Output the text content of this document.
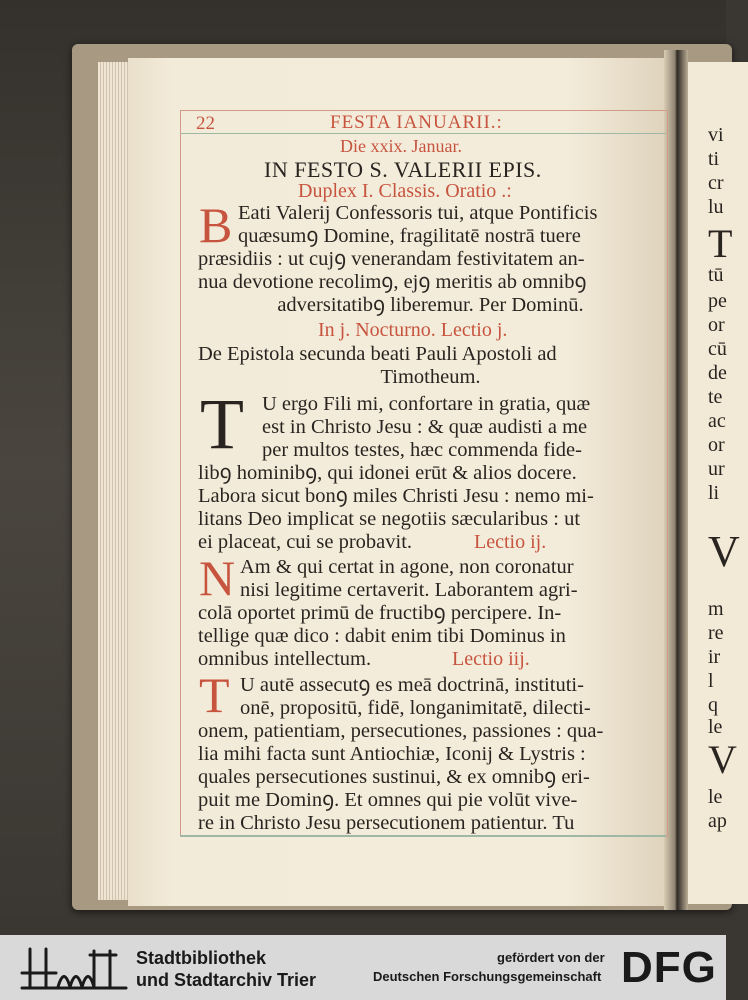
22	FESTA IANUARII.:
Die xxix. Januar.
IN FESTO S. VALERII EPIS.
Duplex I. Classis. Oratio .:
B Eati Valerij Confessoris tui, atque Pontificis
quæsumꝯ Domine, fragilitatē nostrā tuere
præsidiis : ut cujꝯ venerandam festivitatem an-
nua devotione recolimꝯ, ejꝯ meritis ab omnibꝯ
adversitatibꝯ liberemur. Per Dominū.
In j. Nocturno. Lectio j.
De Epistola secunda beati Pauli Apostoli ad
Timotheum.
T U ergo Fili mi, confortare in gratia, quæ
est in Christo Jesu : & quæ audisti a me
per multos testes, hæc commenda fide-
libꝯ hominibꝯ, qui idonei erūt & alios docere.
Labora sicut bonꝯ miles Christi Jesu : nemo mi-
litans Deo implicat se negotiis sæcularibus : ut
ei placeat, cui se probavit.	Lectio ij.
N Am & qui certat in agone, non coronatur
nisi legitime certaverit. Laborantem agri-
colā oportet primū de fructibꝯ percipere. In-
tellige quæ dico : dabit enim tibi Dominus in
omnibus intellectum.	Lectio iij.
T U autē assecutꝯ es meā doctrinā, instituti-
onē, propositū, fidē, longanimitatē, dilecti-
onem, patientiam, persecutiones, passiones : qua-
lia mihi facta sunt Antiochiæ, Iconij & Lystris :
quales persecutiones sustinui, & ex omnibꝯ eri-
puit me Dominꝯ. Et omnes qui pie volūt vive-
re in Christo Jesu persecutionem patientur. Tu
vi
ti
cr
lu
T
tū
pe
or
cū
de
te
ac
or
ur
li
V
m
re
ir
l
q
le
V
le
ap
Stadtbibliothek
und Stadtarchiv Trier
gefördert von der
Deutschen Forschungsgemeinschaft DFG
